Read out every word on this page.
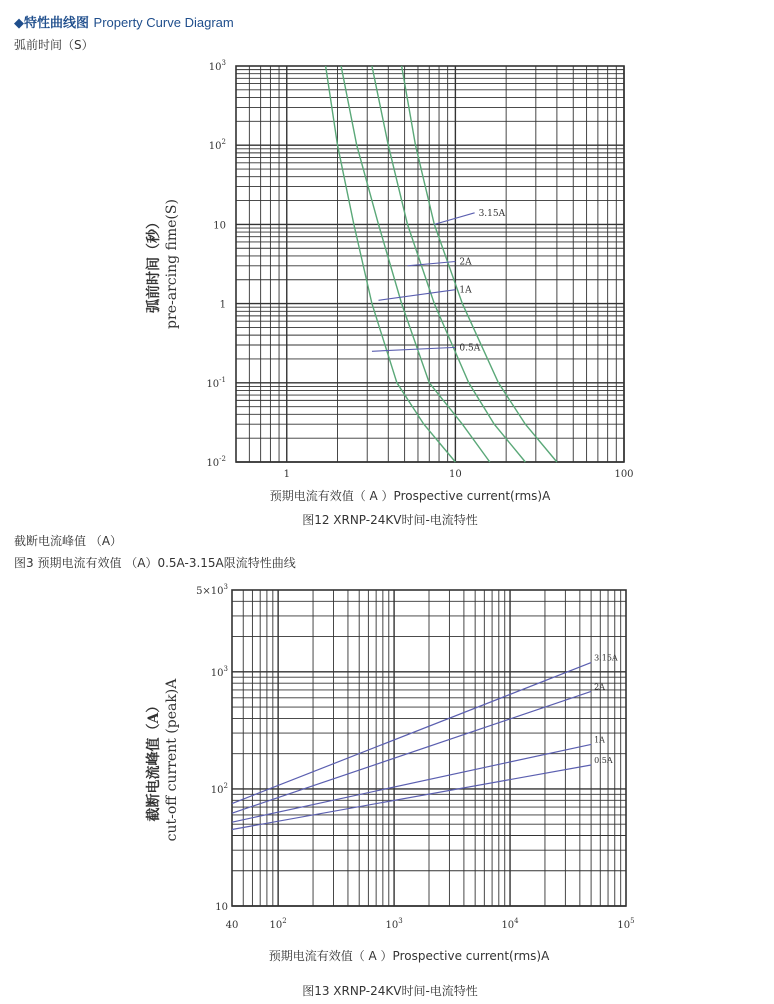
◆特性曲线图 Property Curve Diagram
弧前时间（S）
3.15A
2A
1A
0.5A
1	10	100
$10^3$
$10^2$
10
1
$10^{-1}$
$10^{-2}$
预期电流有效值（ A ）Prospective current(rms)A
弧前时间（秒） pre-arcing fime(S)
图12 XRNP-24KV时间-电流特性
截断电流峰值 （A）
图3 预期电流有效值 （A）0.5A-3.15A限流特性曲线
3.15A
2A
1A
0.5A
40	$10^2$	$10^3$	$10^4$	$10^5$
$5\times 10^3$
$10^3$
$10^2$
10
预期电流有效值（ A ）Prospective current(rms)A
截断电流峰值（A） cut-off current (peak)A
图13 XRNP-24KV时间-电流特性
